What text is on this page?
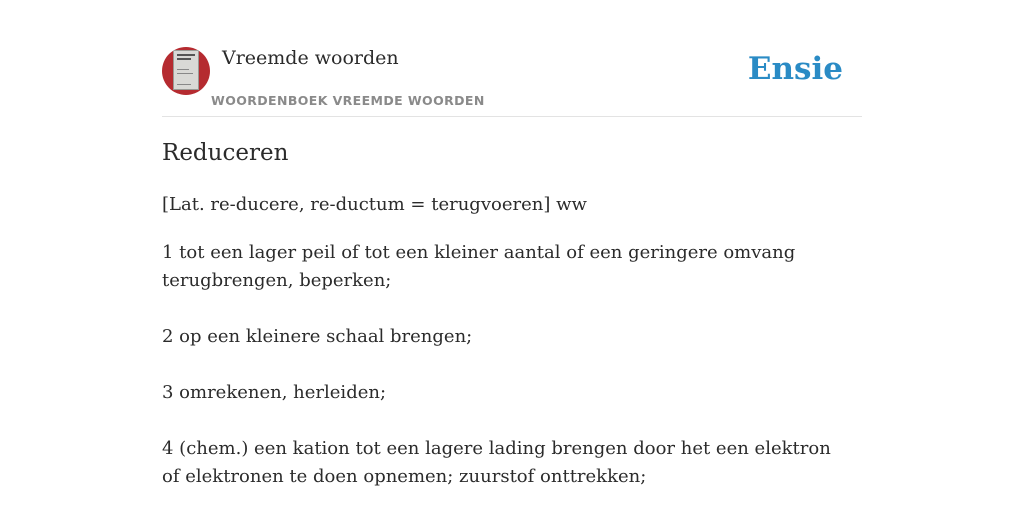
Vreemde woorden
WOORDENBOEK VREEMDE WOORDEN
Ensie
Reduceren
[Lat. re-ducere, re-ductum = terugvoeren] ww

1 tot een lager peil of tot een kleiner aantal of een geringere omvang terugbrengen, beperken;

2 op een kleinere schaal brengen;

3 omrekenen, herleiden;

4 (chem.) een kation tot een lagere lading brengen door het een elektron of elektronen te doen opnemen; zuurstof onttrekken;
